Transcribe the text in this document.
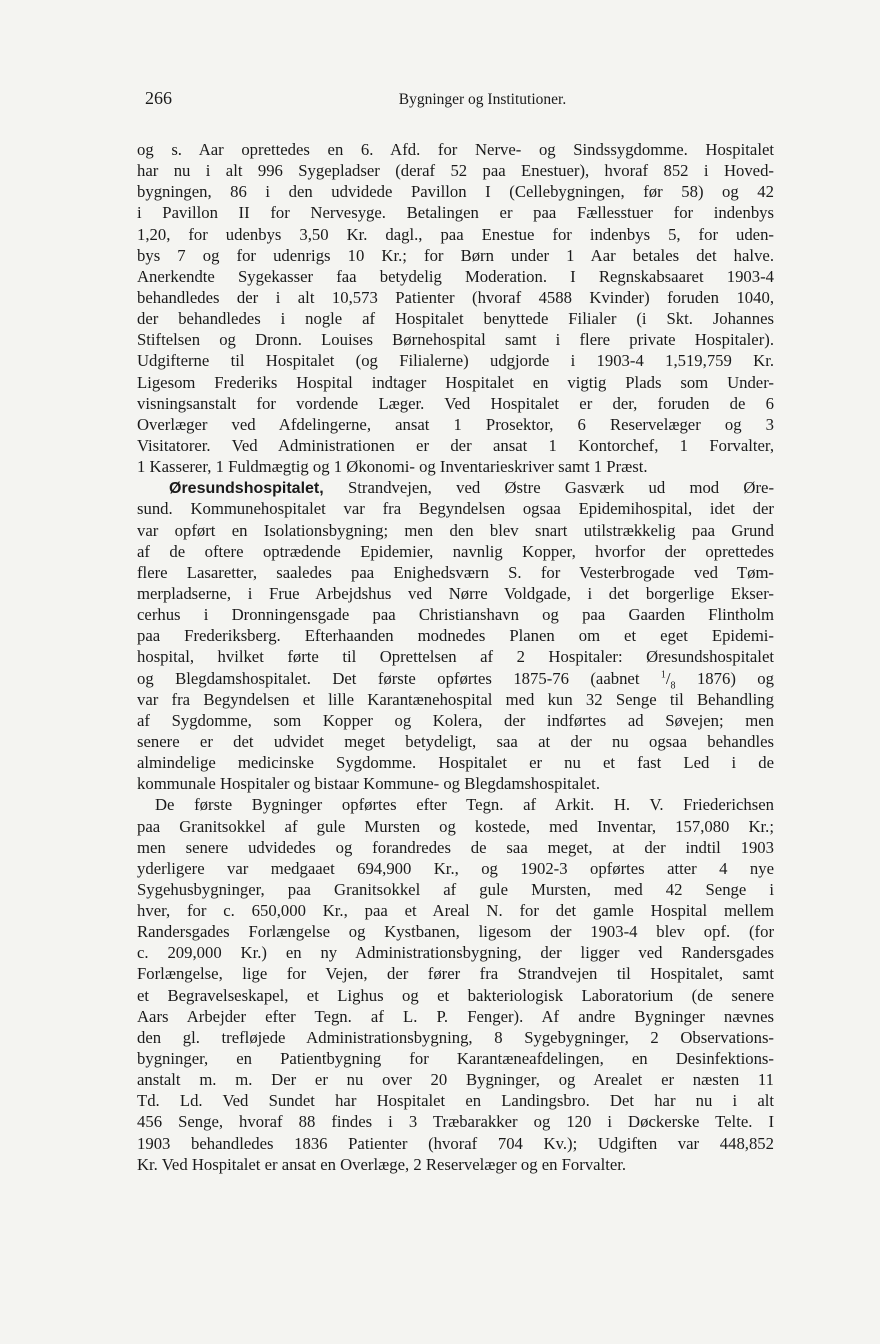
266	Bygninger og Institutioner.
og s. Aar oprettedes en 6. Afd. for Nerve- og Sindssygdomme. Hospitalet
har nu i alt 996 Sygepladser (deraf 52 paa Enestuer), hvoraf 852 i Hoved-
bygningen, 86 i den udvidede Pavillon I (Cellebygningen, før 58) og 42
i Pavillon II for Nervesyge. Betalingen er paa Fællesstuer for indenbys
1,20, for udenbys 3,50 Kr. dagl., paa Enestue for indenbys 5, for uden-
bys 7 og for udenrigs 10 Kr.; for Børn under 1 Aar betales det halve.
Anerkendte Sygekasser faa betydelig Moderation. I Regnskabsaaret 1903-4
behandledes der i alt 10,573 Patienter (hvoraf 4588 Kvinder) foruden 1040,
der behandledes i nogle af Hospitalet benyttede Filialer (i Skt. Johannes
Stiftelsen og Dronn. Louises Børnehospital samt i flere private Hospitaler).
Udgifterne til Hospitalet (og Filialerne) udgjorde i 1903-4 1,519,759 Kr.
Ligesom Frederiks Hospital indtager Hospitalet en vigtig Plads som Under-
visningsanstalt for vordende Læger. Ved Hospitalet er der, foruden de 6
Overlæger ved Afdelingerne, ansat 1 Prosektor, 6 Reservelæger og 3
Visitatorer. Ved Administrationen er der ansat 1 Kontorchef, 1 Forvalter,
1 Kasserer, 1 Fuldmægtig og 1 Økonomi- og Inventarieskriver samt 1 Præst.
Øresundshospitalet, Strandvejen, ved Østre Gasværk ud mod Øre-
sund. Kommunehospitalet var fra Begyndelsen ogsaa Epidemihospital, idet der
var opført en Isolationsbygning; men den blev snart utilstrækkelig paa Grund
af de oftere optrædende Epidemier, navnlig Kopper, hvorfor der oprettedes
flere Lasaretter, saaledes paa Enighedsværn S. for Vesterbrogade ved Tøm-
merpladserne, i Frue Arbejdshus ved Nørre Voldgade, i det borgerlige Ekser-
cerhus i Dronningensgade paa Christianshavn og paa Gaarden Flintholm
paa Frederiksberg. Efterhaanden modnedes Planen om et eget Epidemi-
hospital, hvilket førte til Oprettelsen af 2 Hospitaler: Øresundshospitalet
og Blegdamshospitalet. Det første opførtes 1875-76 (aabnet $^1/_8$ 1876) og
var fra Begyndelsen et lille Karantænehospital med kun 32 Senge til Behandling
af Sygdomme, som Kopper og Kolera, der indførtes ad Søvejen; men
senere er det udvidet meget betydeligt, saa at der nu ogsaa behandles
almindelige medicinske Sygdomme. Hospitalet er nu et fast Led i de
kommunale Hospitaler og bistaar Kommune- og Blegdamshospitalet.
De første Bygninger opførtes efter Tegn. af Arkit. H. V. Friederichsen
paa Granitsokkel af gule Mursten og kostede, med Inventar, 157,080 Kr.;
men senere udvidedes og forandredes de saa meget, at der indtil 1903
yderligere var medgaaet 694,900 Kr., og 1902-3 opførtes atter 4 nye
Sygehusbygninger, paa Granitsokkel af gule Mursten, med 42 Senge i
hver, for c. 650,000 Kr., paa et Areal N. for det gamle Hospital mellem
Randersgades Forlængelse og Kystbanen, ligesom der 1903-4 blev opf. (for
c. 209,000 Kr.) en ny Administrationsbygning, der ligger ved Randersgades
Forlængelse, lige for Vejen, der fører fra Strandvejen til Hospitalet, samt
et Begravelseskapel, et Lighus og et bakteriologisk Laboratorium (de senere
Aars Arbejder efter Tegn. af L. P. Fenger). Af andre Bygninger nævnes
den gl. trefløjede Administrationsbygning, 8 Sygebygninger, 2 Observations-
bygninger, en Patientbygning for Karantæneafdelingen, en Desinfektions-
anstalt m. m. Der er nu over 20 Bygninger, og Arealet er næsten 11
Td. Ld. Ved Sundet har Hospitalet en Landingsbro. Det har nu i alt
456 Senge, hvoraf 88 findes i 3 Træbarakker og 120 i Døckerske Telte. I
1903 behandledes 1836 Patienter (hvoraf 704 Kv.); Udgiften var 448,852
Kr. Ved Hospitalet er ansat en Overlæge, 2 Reservelæger og en Forvalter.
